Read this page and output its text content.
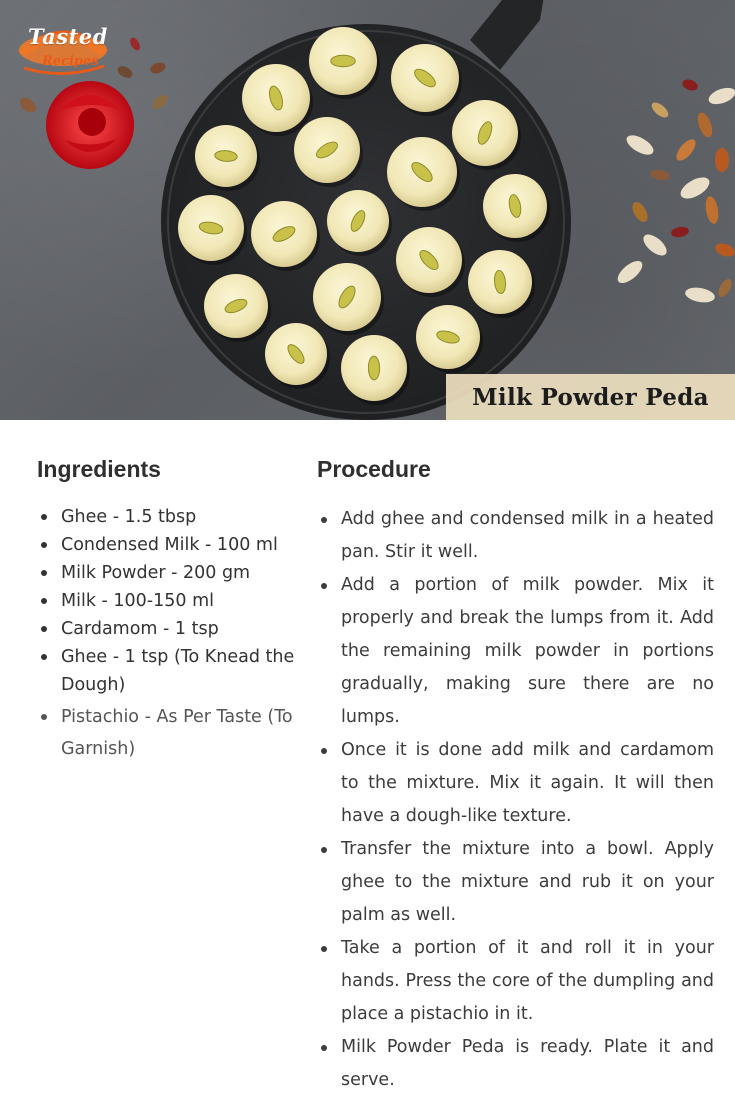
Tasted
Recipes
Milk Powder Peda
Ingredients
Ghee - 1.5 tbsp
Condensed Milk - 100 ml
Milk Powder - 200 gm
Milk - 100-150 ml
Cardamom - 1 tsp
Ghee - 1 tsp (To Knead the Dough)
Pistachio - As Per Taste (To Garnish)
Procedure
Add ghee and condensed milk in a heated pan. Stir it well.
Add a portion of milk powder. Mix it properly and break the lumps from it. Add the remaining milk powder in portions gradually, making sure there are no lumps.
Once it is done add milk and cardamom to the mixture. Mix it again. It will then have a dough-like texture.
Transfer the mixture into a bowl. Apply ghee to the mixture and rub it on your palm as well.
Take a portion of it and roll it in your hands. Press the core of the dumpling and place a pistachio in it.
Milk Powder Peda is ready. Plate it and serve.
